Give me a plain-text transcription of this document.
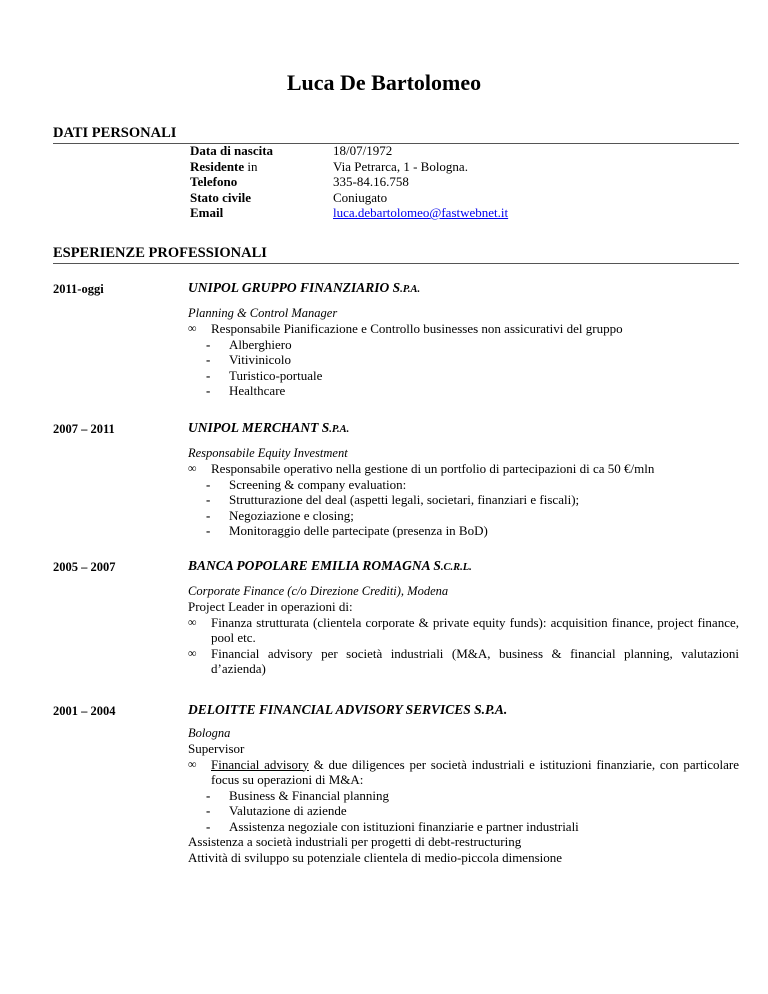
Luca De Bartolomeo
DATI PERSONALI
Data di nascita	18/07/1972
Residente in	Via Petrarca, 1 - Bologna.
Telefono	335-84.16.758
Stato civile	Coniugato
Email	luca.debartolomeo@fastwebnet.it
ESPERIENZE PROFESSIONALI
2011-oggi	UNIPOL GRUPPO FINANZIARIO S.P.A.
Planning & Control Manager
∞ Responsabile Pianificazione e Controllo businesses non assicurativi del gruppo
- Alberghiero
- Vitivinicolo
- Turistico-portuale
- Healthcare
2007 – 2011	UNIPOL MERCHANT S.P.A.
Responsabile Equity Investment
∞ Responsabile operativo nella gestione di un portfolio di partecipazioni di ca 50 €/mln
- Screening & company evaluation:
- Strutturazione del deal (aspetti legali, societari, finanziari e fiscali);
- Negoziazione e closing;
- Monitoraggio delle partecipate (presenza in BoD)
2005 – 2007	BANCA POPOLARE EMILIA ROMAGNA S.C.R.L.
Corporate Finance (c/o Direzione Crediti), Modena
Project Leader in operazioni di:
∞ Finanza strutturata (clientela corporate & private equity funds): acquisition finance, project finance, pool etc.
∞ Financial advisory per società industriali (M&A, business & financial planning, valutazioni d’azienda)
2001 – 2004	DELOITTE FINANCIAL ADVISORY SERVICES S.P.A.
Bologna
Supervisor
∞ Financial advisory & due diligences per società industriali e istituzioni finanziarie, con particolare focus su operazioni di M&A:
- Business & Financial planning
- Valutazione di aziende
- Assistenza negoziale con istituzioni finanziarie e partner industriali
Assistenza a società industriali per progetti di debt-restructuring
Attività di sviluppo su potenziale clientela di medio-piccola dimensione
